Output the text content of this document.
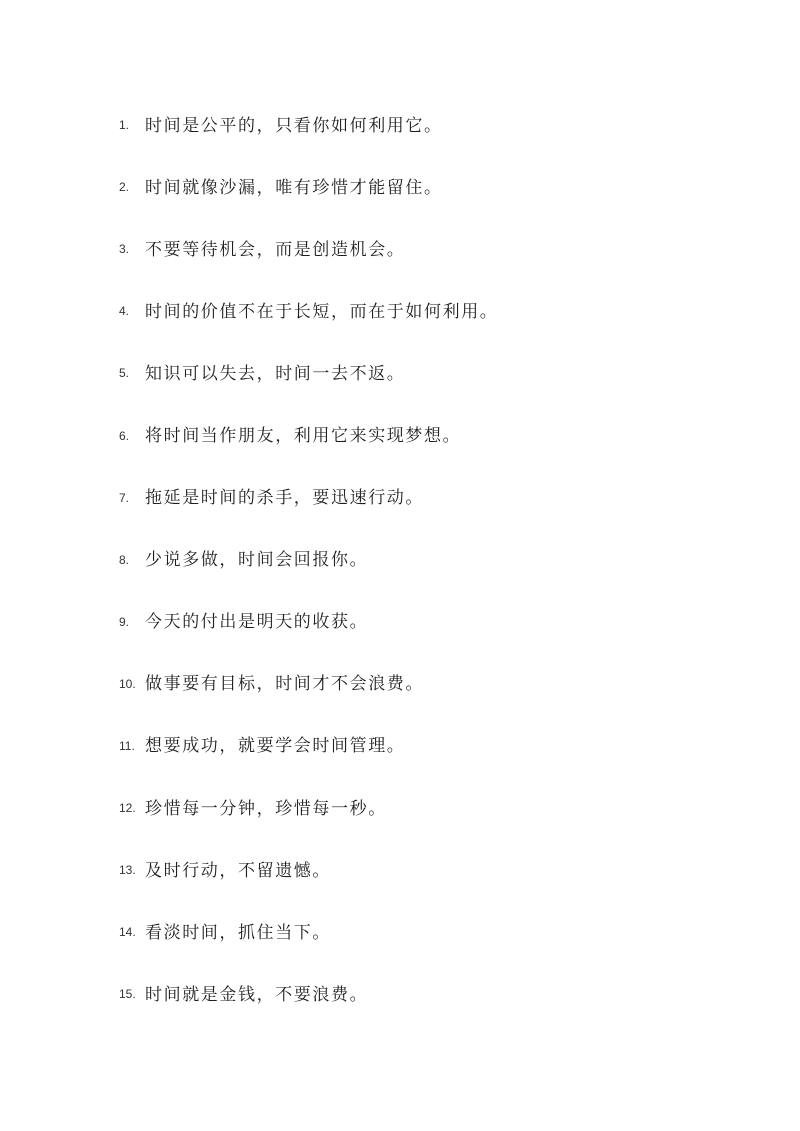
1. 时间是公平的，只看你如何利用它。
2. 时间就像沙漏，唯有珍惜才能留住。
3. 不要等待机会，而是创造机会。
4. 时间的价值不在于长短，而在于如何利用。
5. 知识可以失去，时间一去不返。
6. 将时间当作朋友，利用它来实现梦想。
7. 拖延是时间的杀手，要迅速行动。
8. 少说多做，时间会回报你。
9. 今天的付出是明天的收获。
10. 做事要有目标，时间才不会浪费。
11. 想要成功，就要学会时间管理。
12. 珍惜每一分钟，珍惜每一秒。
13. 及时行动，不留遗憾。
14. 看淡时间，抓住当下。
15. 时间就是金钱，不要浪费。
